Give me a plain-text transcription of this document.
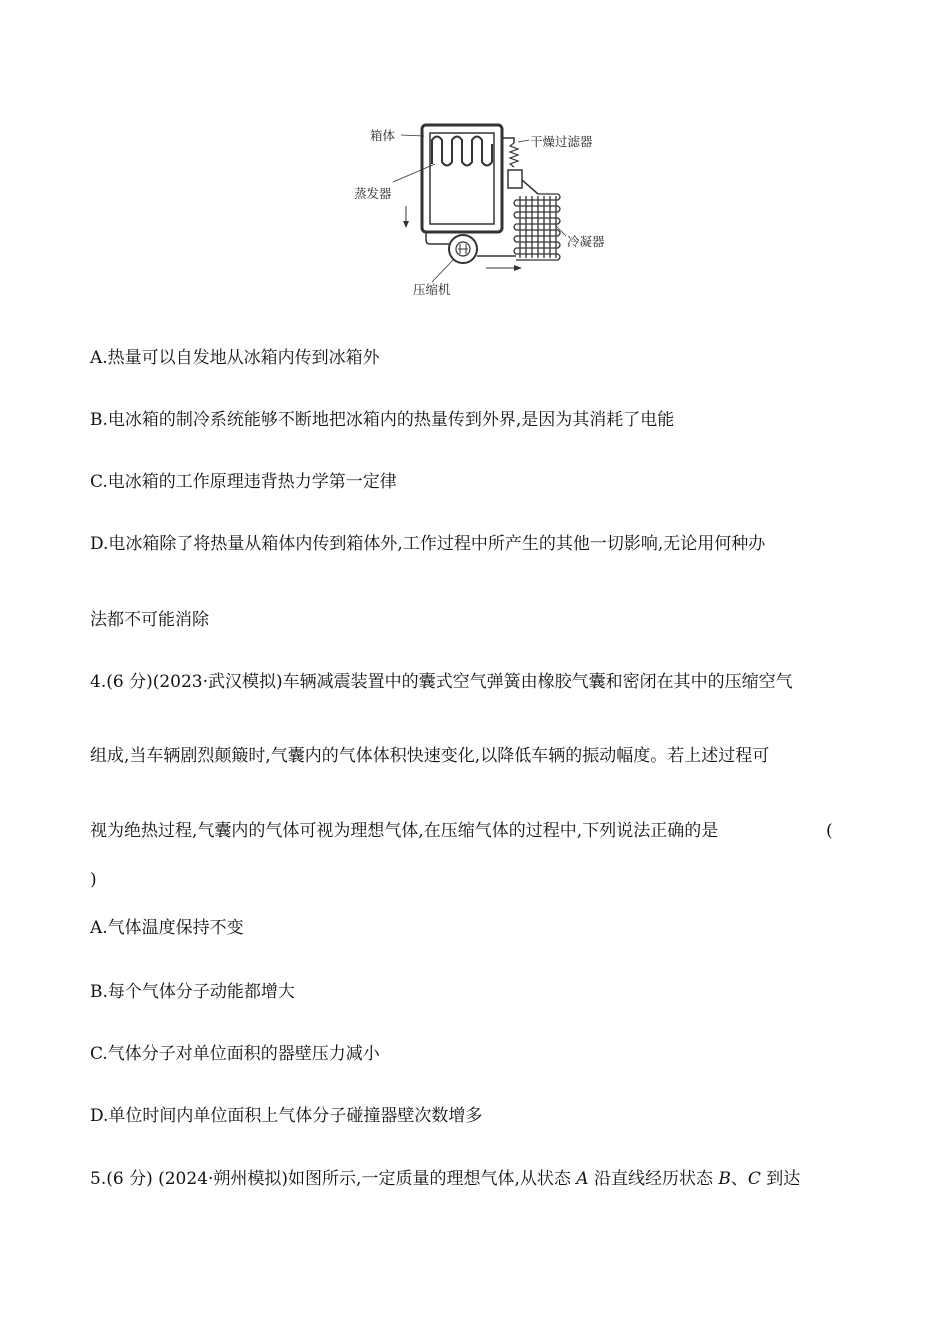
箱体
蒸发器
干燥过滤器
冷凝器
压缩机
A.热量可以自发地从冰箱内传到冰箱外
B.电冰箱的制冷系统能够不断地把冰箱内的热量传到外界,是因为其消耗了电能
C.电冰箱的工作原理违背热力学第一定律
D.电冰箱除了将热量从箱体内传到箱体外,工作过程中所产生的其他一切影响,无论用何种办
法都不可能消除
4.(6 分)(2023·武汉模拟)车辆减震装置中的囊式空气弹簧由橡胶气囊和密闭在其中的压缩空气
组成,当车辆剧烈颠簸时,气囊内的气体体积快速变化,以降低车辆的振动幅度。若上述过程可
视为绝热过程,气囊内的气体可视为理想气体,在压缩气体的过程中,下列说法正确的是	(
)
A.气体温度保持不变
B.每个气体分子动能都增大
C.气体分子对单位面积的器壁压力减小
D.单位时间内单位面积上气体分子碰撞器壁次数增多
5.(6 分) (2024·朔州模拟)如图所示,一定质量的理想气体,从状态 A 沿直线经历状态 B、C 到达
